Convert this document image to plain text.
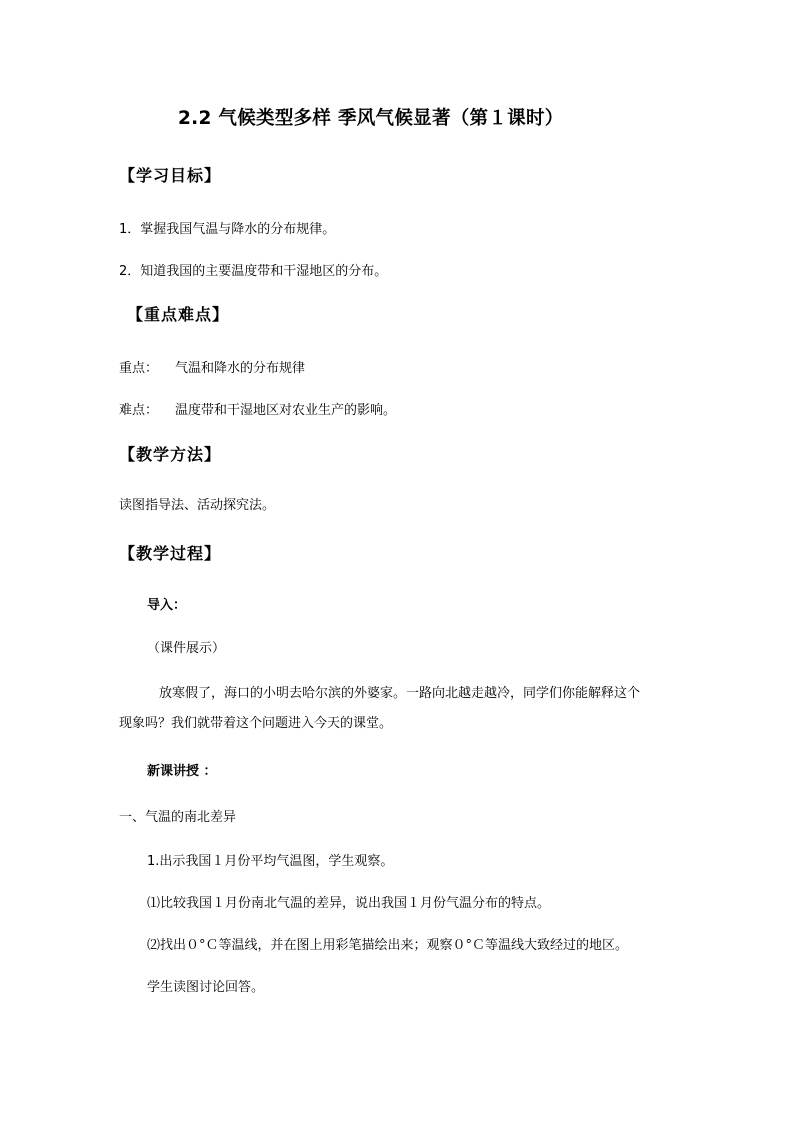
2.2 气候类型多样 季风气候显著（第１课时）
【学习目标】
1．掌握我国气温与降水的分布规律。
2．知道我国的主要温度带和干湿地区的分布。
【重点难点】
重点： 气温和降水的分布规律
难点： 温度带和干湿地区对农业生产的影响。
【教学方法】
读图指导法、活动探究法。
【教学过程】
导入：
（课件展示）
放寒假了，海口的小明去哈尔滨的外婆家。一路向北越走越冷，同学们你能解释这个
现象吗？我们就带着这个问题进入今天的课堂。
新课讲授 ：
一、气温的南北差异
1.出示我国１月份平均气温图，学生观察。
⑴比较我国１月份南北气温的差异，说出我国１月份气温分布的特点。
⑵找出０°Ｃ等温线，并在图上用彩笔描绘出来；观察０°Ｃ等温线大致经过的地区。
学生读图讨论回答。
